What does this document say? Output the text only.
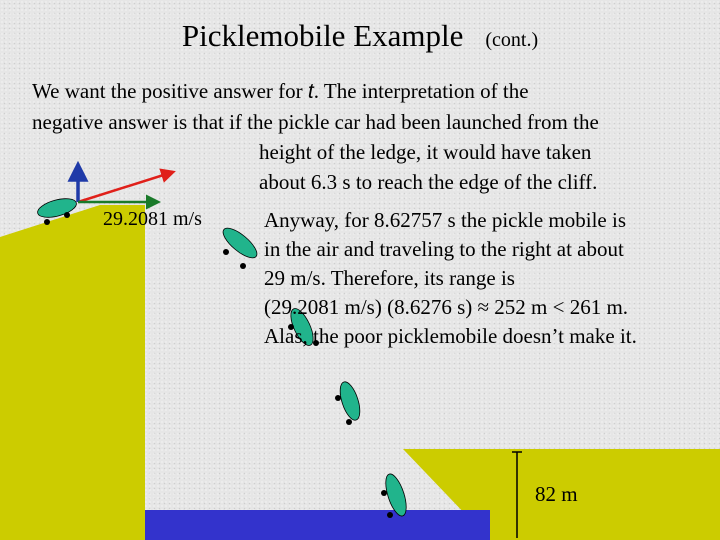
Picklemobile Example (cont.)
We want the positive answer for t. The interpretation of the
negative answer is that if the pickle car had been launched from the
height of the ledge, it would have taken
about 6.3 s to reach the edge of the cliff.
29.2081 m/s	Anyway, for 8.62757 s the pickle mobile is
in the air and traveling to the right at about
29 m/s. Therefore, its range is
(29.2081 m/s) (8.6276 s) ≈ 252 m < 261 m.
Alas, the poor picklemobile doesn’t make it.
82 m
